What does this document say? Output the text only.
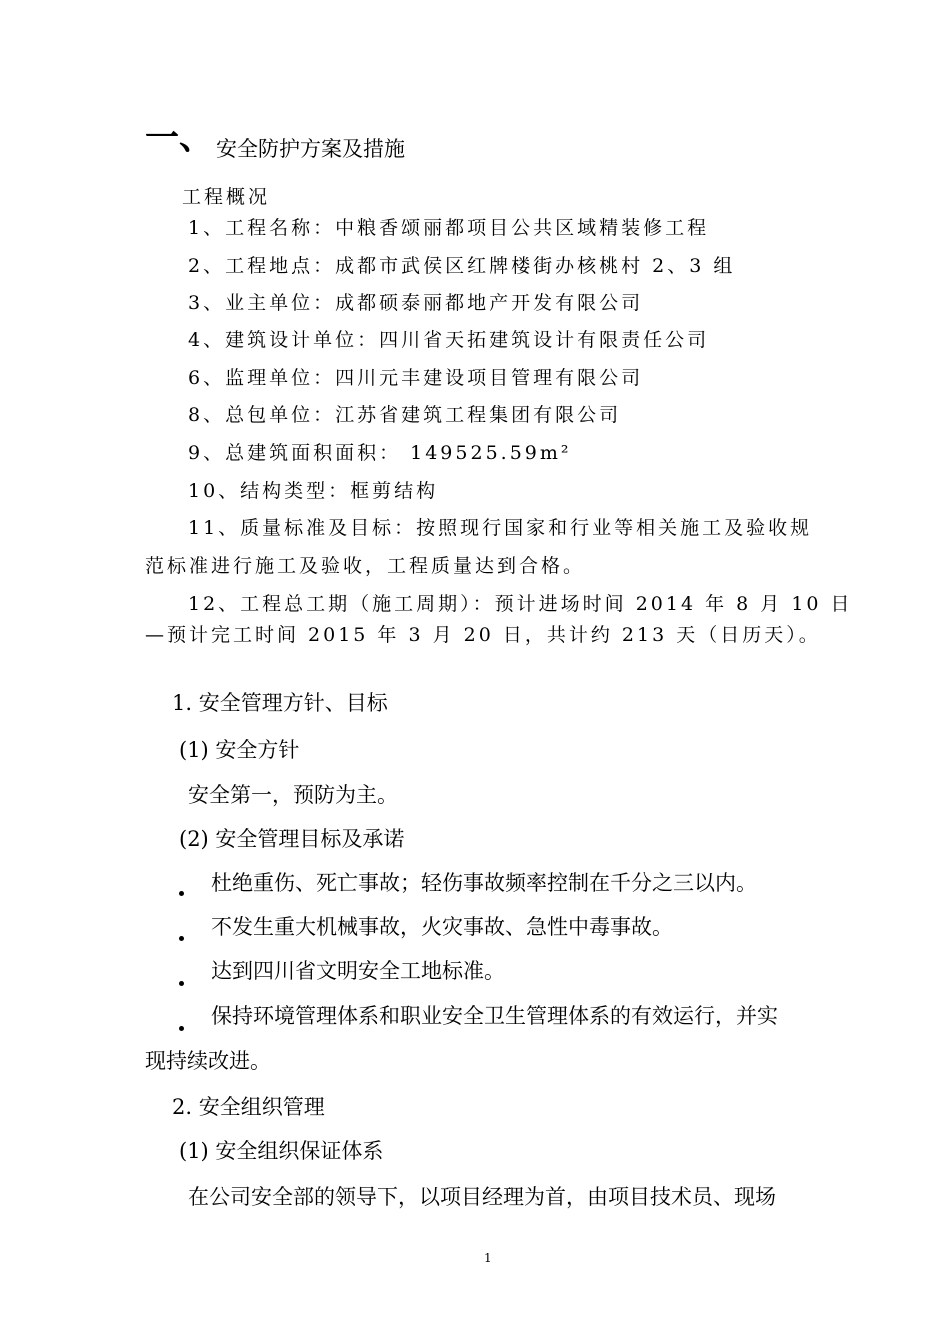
一、 安全防护方案及措施
工程概况
1、工程名称：中粮香颂丽都项目公共区域精装修工程
2、工程地点：成都市武侯区红牌楼街办核桃村 2、3 组
3、业主单位：成都硕泰丽都地产开发有限公司
4、建筑设计单位：四川省天拓建筑设计有限责任公司
6、监理单位：四川元丰建设项目管理有限公司
8、总包单位：江苏省建筑工程集团有限公司
9、总建筑面积面积： 149525.59m²
10、结构类型：框剪结构
11、质量标准及目标：按照现行国家和行业等相关施工及验收规
范标准进行施工及验收，工程质量达到合格。
12、工程总工期（施工周期）：预计进场时间 2014 年 8 月 10 日
—预计完工时间 2015 年 3 月 20 日，共计约 213 天（日历天）。
1. 安全管理方针、目标
(1) 安全方针
安全第一，预防为主。
(2) 安全管理目标及承诺
杜绝重伤、死亡事故；轻伤事故频率控制在千分之三以内。
不发生重大机械事故，火灾事故、急性中毒事故。
达到四川省文明安全工地标准。
保持环境管理体系和职业安全卫生管理体系的有效运行，并实
现持续改进。
2. 安全组织管理
(1) 安全组织保证体系
在公司安全部的领导下，以项目经理为首，由项目技术员、现场
1
